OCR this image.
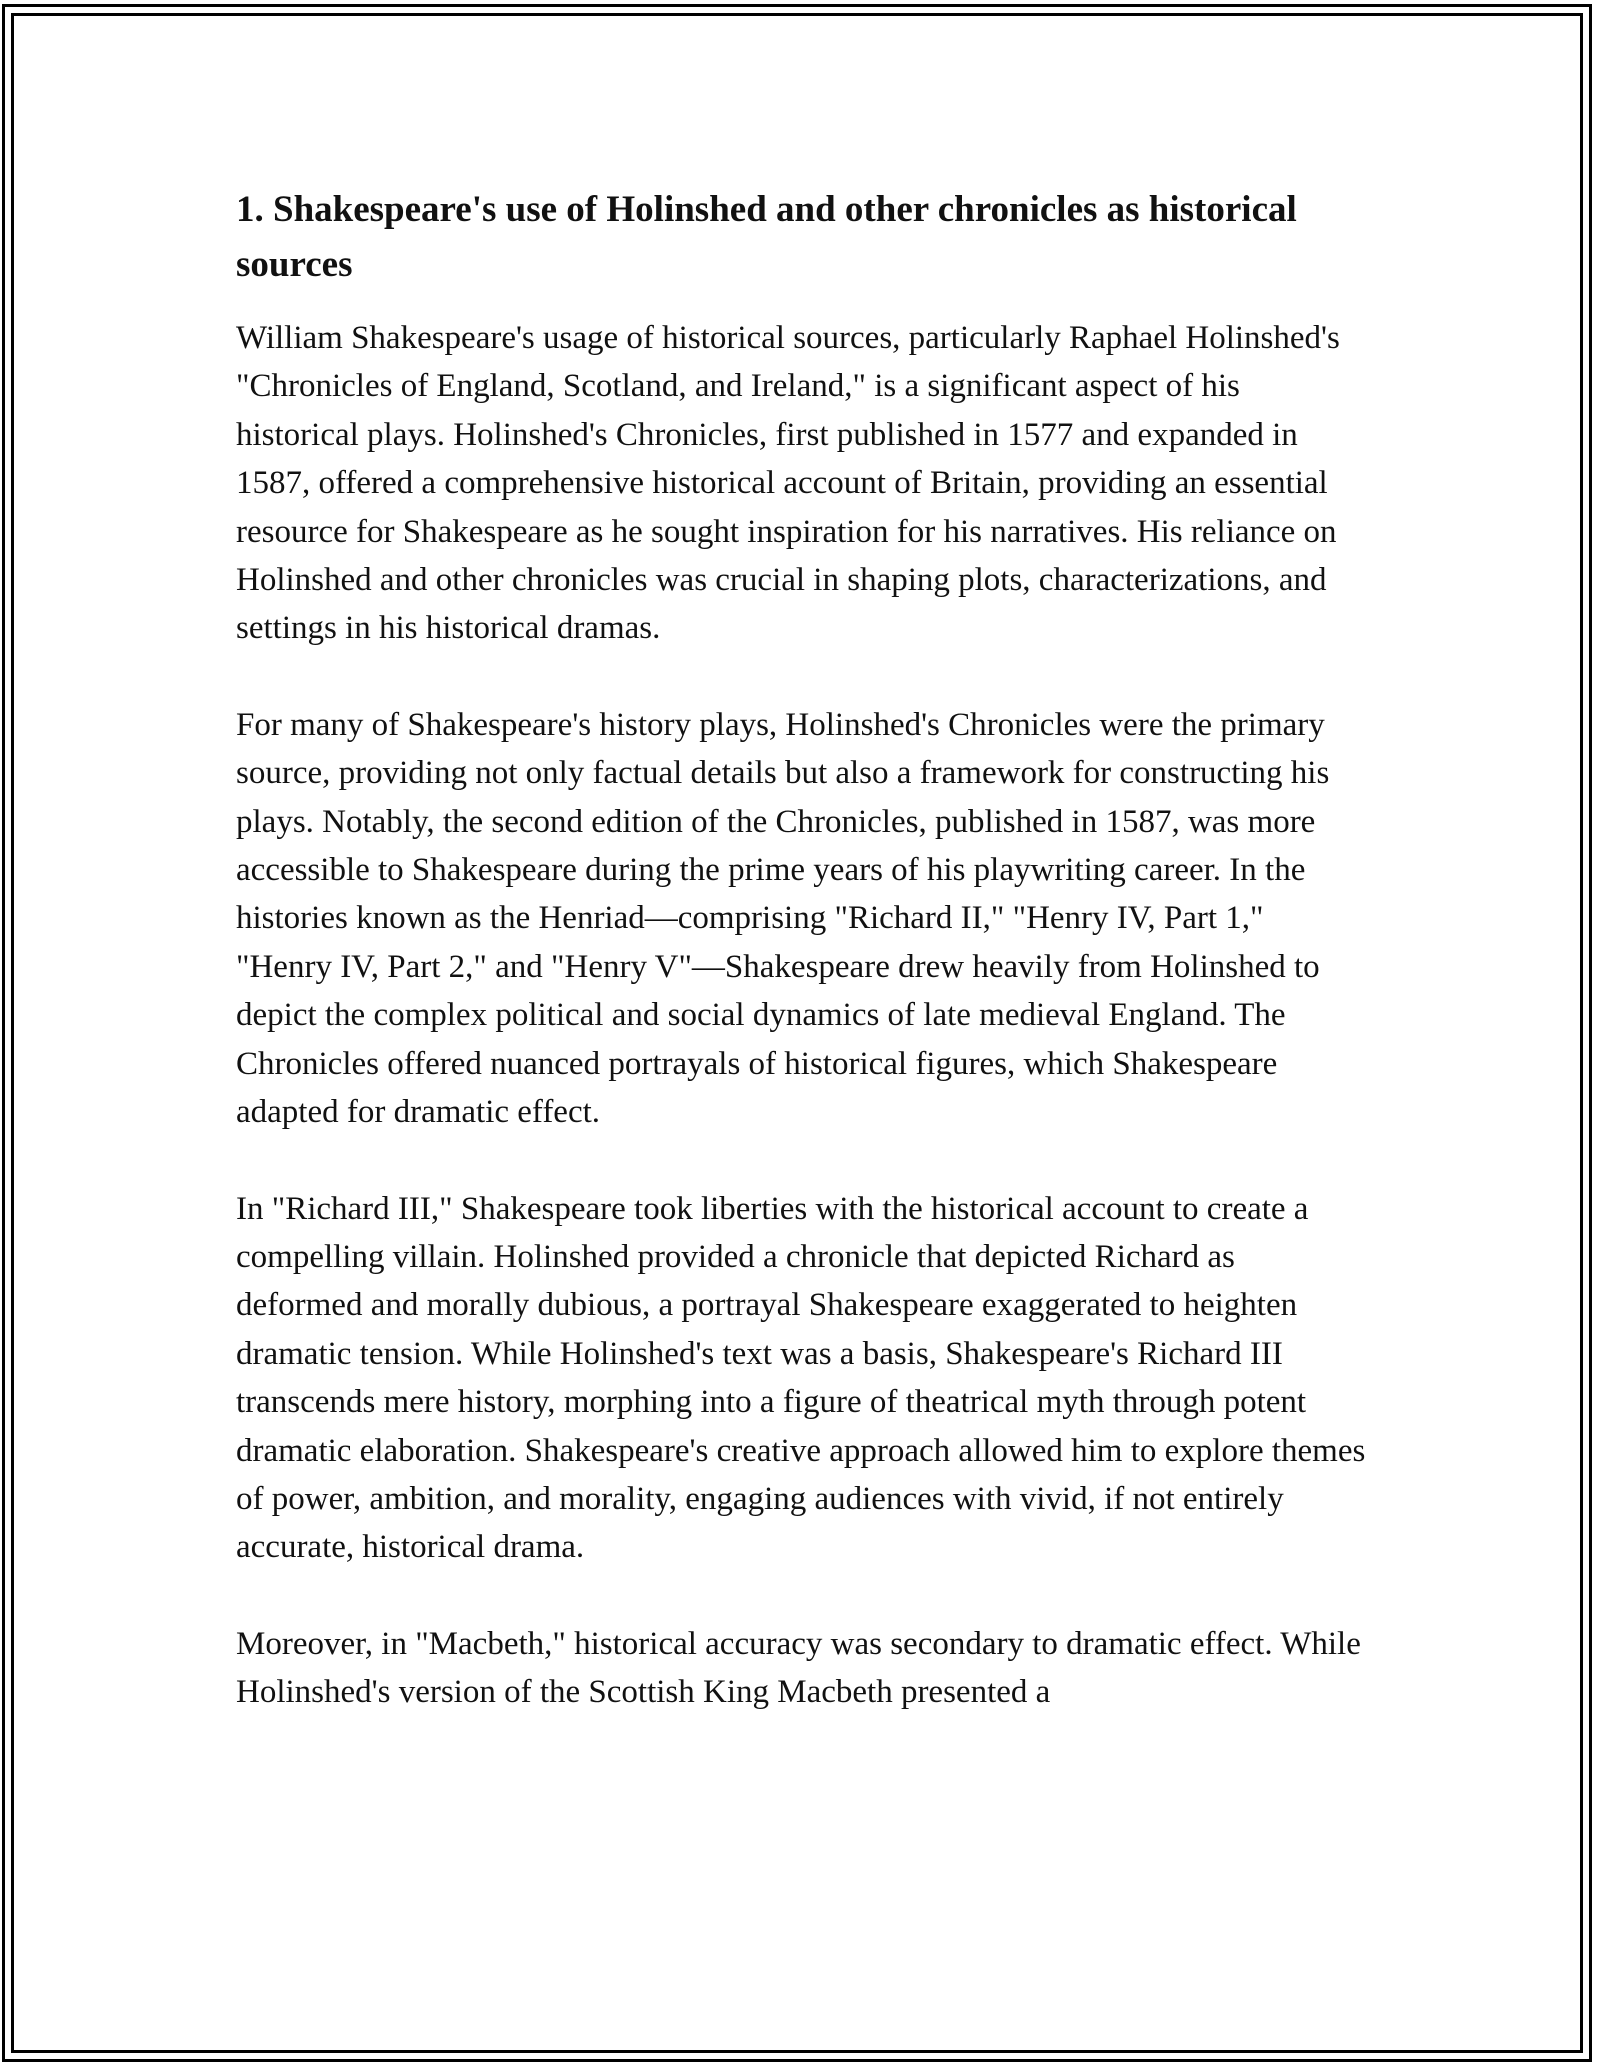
1. Shakespeare's use of Holinshed and other chronicles as historical sources

William Shakespeare's usage of historical sources, particularly Raphael Holinshed's "Chronicles of England, Scotland, and Ireland," is a significant aspect of his historical plays. Holinshed's Chronicles, first published in 1577 and expanded in 1587, offered a comprehensive historical account of Britain, providing an essential resource for Shakespeare as he sought inspiration for his narratives. His reliance on Holinshed and other chronicles was crucial in shaping plots, characterizations, and settings in his historical dramas.

For many of Shakespeare's history plays, Holinshed's Chronicles were the primary source, providing not only factual details but also a framework for constructing his plays. Notably, the second edition of the Chronicles, published in 1587, was more accessible to Shakespeare during the prime years of his playwriting career. In the histories known as the Henriad—comprising "Richard II," "Henry IV, Part 1," "Henry IV, Part 2," and "Henry V"—Shakespeare drew heavily from Holinshed to depict the complex political and social dynamics of late medieval England. The Chronicles offered nuanced portrayals of historical figures, which Shakespeare adapted for dramatic effect.

In "Richard III," Shakespeare took liberties with the historical account to create a compelling villain. Holinshed provided a chronicle that depicted Richard as deformed and morally dubious, a portrayal Shakespeare exaggerated to heighten dramatic tension. While Holinshed's text was a basis, Shakespeare's Richard III transcends mere history, morphing into a figure of theatrical myth through potent dramatic elaboration. Shakespeare's creative approach allowed him to explore themes of power, ambition, and morality, engaging audiences with vivid, if not entirely accurate, historical drama.

Moreover, in "Macbeth," historical accuracy was secondary to dramatic effect. While Holinshed's version of the Scottish King Macbeth presented a
